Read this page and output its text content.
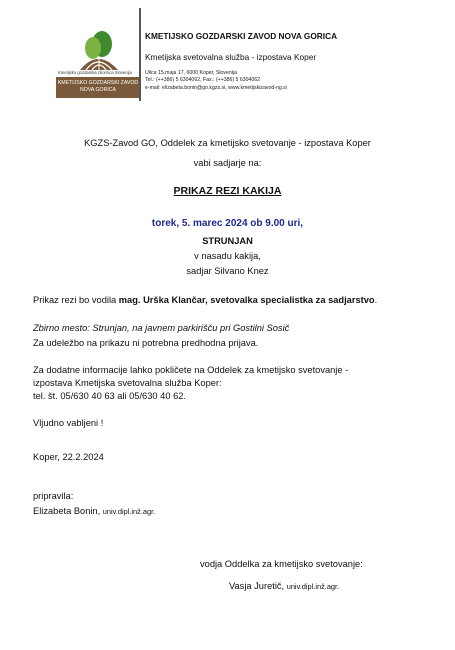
Kmetijsko gozdarska zbornica Slovenija
KMETIJSKO GOZDARSKI ZAVOD
NOVA GORICA
KMETIJSKO GOZDARSKI ZAVOD NOVA GORICA
Kmetijska svetovalna služba - izpostava Koper
Ulica 15.maja 17, 6000 Koper, Slovenija
Tel.: (++386) 5 6304062, Fax.: (++386) 5 6304062
e-mail: elizabeta.bonin@go.kgzs.si, www.kmetijskizavod-ng.si
KGZS-Zavod GO, Oddelek za kmetijsko svetovanje - izpostava Koper
vabi sadjarje na:
PRIKAZ REZI KAKIJA
torek, 5. marec 2024 ob 9.00 uri,
STRUNJAN
v nasadu kakija,
sadjar Silvano Knez
Prikaz rezi bo vodila mag. Urška Klančar, svetovalka specialistka za sadjarstvo.
Zbirno mesto: Strunjan, na javnem parkirišču pri Gostilni Sosič
Za udeležbo na prikazu ni potrebna predhodna prijava.
Za dodatne informacije lahko pokličete na Oddelek za kmetijsko svetovanje -
izpostava Kmetijska svetovalna služba Koper:
tel. št. 05/630 40 63 ali 05/630 40 62.
Vljudno vabljeni !
Koper, 22.2.2024
pripravila:
Elizabeta Bonin, univ.dipl.inž.agr.
vodja Oddelka za kmetijsko svetovanje:
Vasja Juretič, univ.dipl.inž.agr.
